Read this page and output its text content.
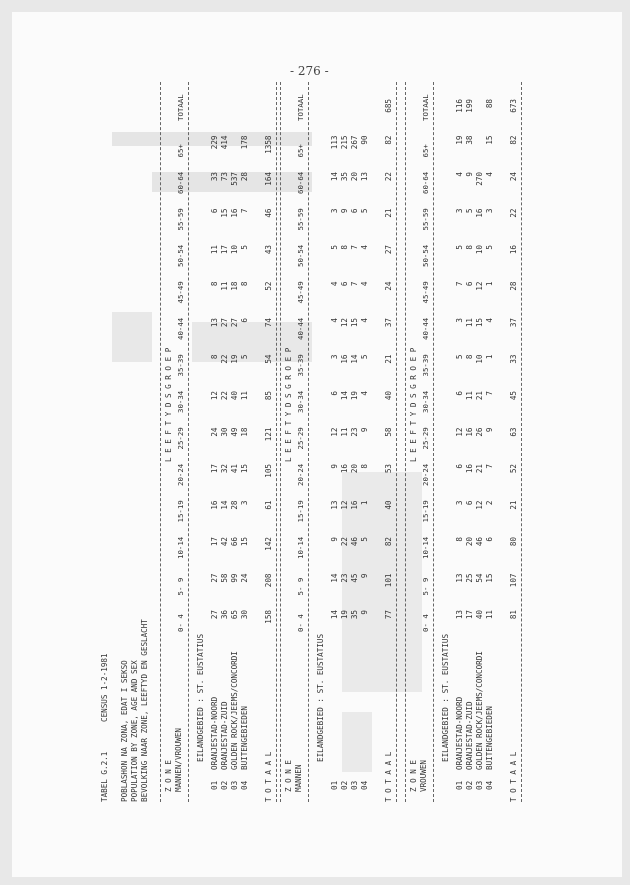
- 276 -
TABEL G.2.1
CENSUS 1-2-1981 POBLASHON NA ZONA, EDAT I SEKSO POPULATION BY ZONE, AGE AND SEX BEVOLKING NAAR ZONE, LEEFTYD EN GESLACHT Z O N E MANNEN/VROUWEN
L E E F T Y D S G R O E P
0- 4
5- 9
10-14
15-19
20-24
25-29
30-34
35-39
40-44
45-49
50-54
55-59
60-64
65+
TOTAAL
EILANDGEBIED : ST. EUSTATIUS
01
ORANJESTAD-NOORD
27
27
17
16
17
24
12
8
13
8
11
6
33
229
02
ORANJESTAD-ZUID
36
58
42
14
32
30
22
22
27
11
17
15
73
414
03
GOLDEN ROCK/JEEMS/CONCORDI
65
99
66
28
41
49
40
19
27
18
10
16
537
04
BUITENGEBIEDEN
30
24
15
3
15
18
11
5
6
8
5
7
28
178
T O T A A L
158
208
142
61
105
121
85
54
74
52
43
46
164
1358
Z O N E MANNEN
L E E F T Y D S G R O E P
0- 4
5- 9
10-14
15-19
20-24
25-29
30-34
35-39
40-44
45-49
50-54
55-59
60-64
65+
TOTAAL
EILANDGEBIED : ST. EUSTATIUS
01
14
14
9
13
9
12
6
3
4
4
5
3
14
113
02
19
23
22
12
16
11
14
16
12
6
8
9
35
215
03
35
45
46
16
20
23
19
14
15
7
7
6
20
267
04
9
9
5
1
8
9
4
5
4
4
4
5
13
90
T O T A A L
77
101
82
40
53
58
40
21
37
24
27
21
22
82
685
Z O N E VROUWEN
L E E F T Y D S G R O E P
0- 4
5- 9
10-14
15-19
20-24
25-29
30-34
35-39
40-44
45-49
50-54
55-59
60-64
65+
TOTAAL
EILANDGEBIED : ST. EUSTATIUS
01
ORANJESTAD-NOORD
13
13
8
3
6
12
6
5
3
7
5
3
4
19
116
02
ORANJESTAD-ZUID
17
25
20
6
16
16
11
8
11
6
8
5
9
38
199
03
GOLDEN ROCK/JEEMS/CONCORDI
40
54
46
12
21
26
21
10
15
12
10
16
270
04
BUITENGEBIEDEN
11
15
6
2
7
9
7
1
4
1
5
3
4
15
88
T O T A A L
81
107
80
21
52
63
45
33
37
28
16
22
24
82
673
